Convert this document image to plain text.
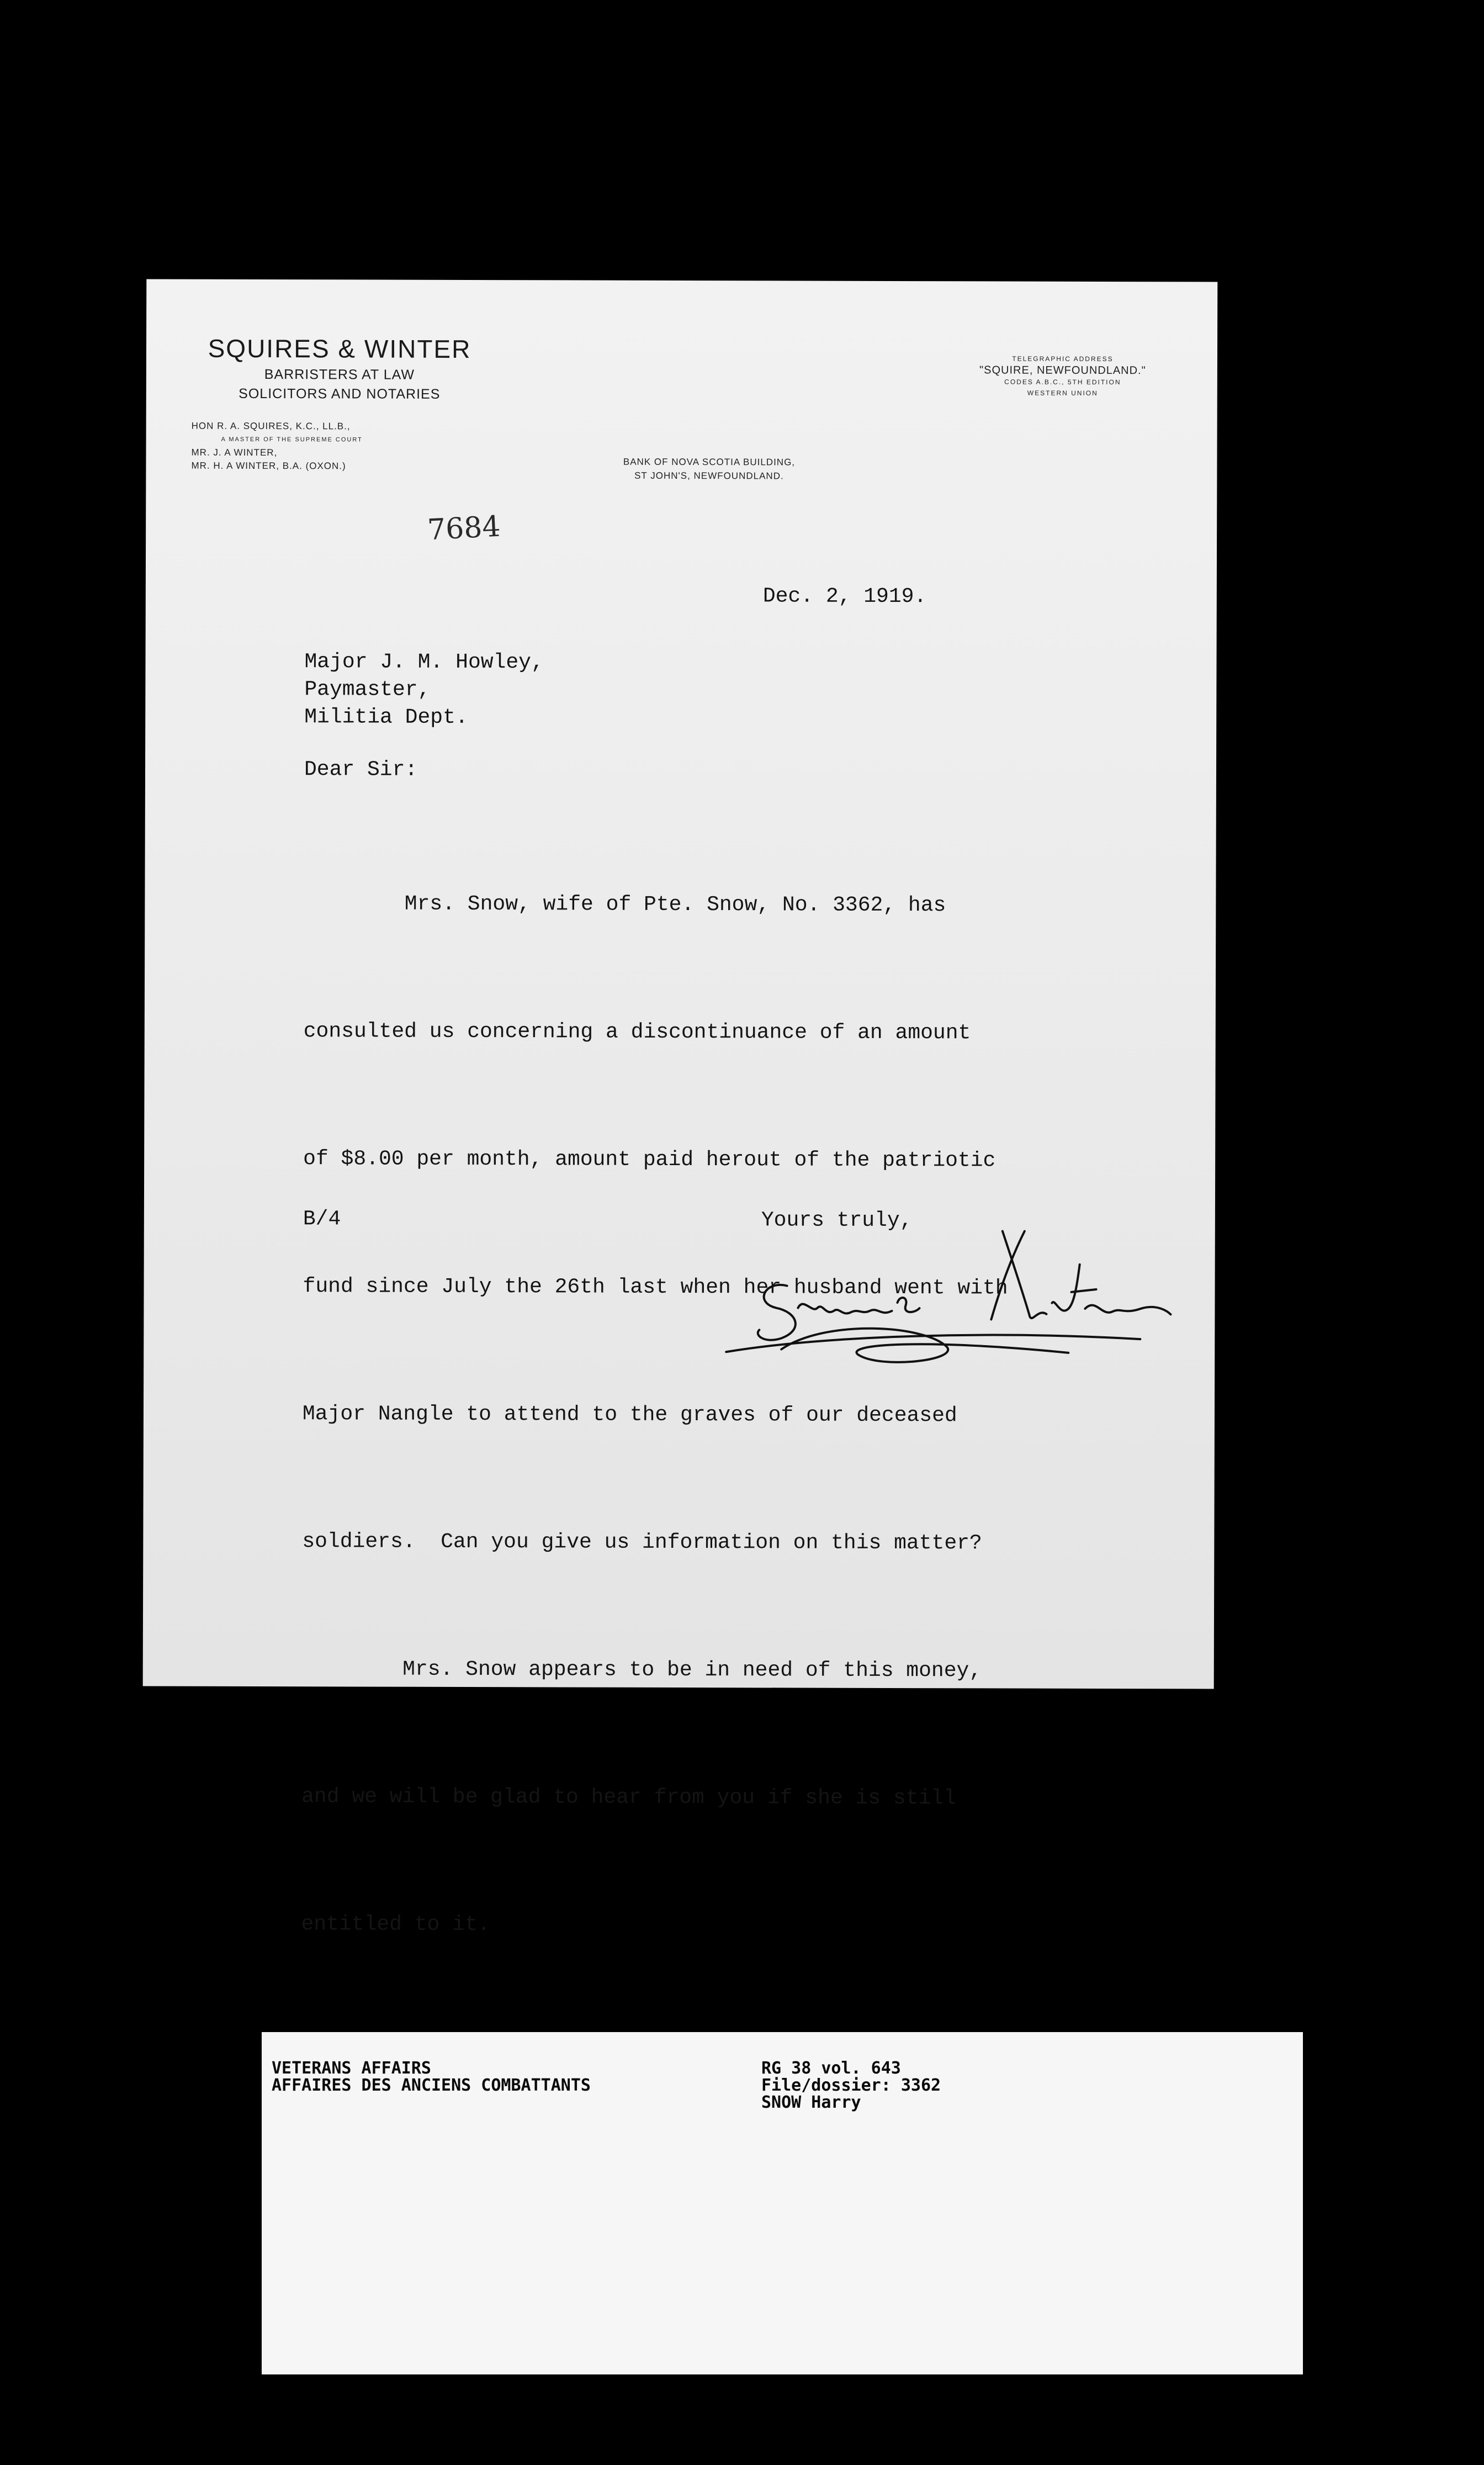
SQUIRES & WINTER
BARRISTERS AT LAW
SOLICITORS AND NOTARIES
HON R. A. SQUIRES, K.C., LL.B.,
A MASTER OF THE SUPREME COURT
MR. J. A WINTER,
MR. H. A WINTER, B.A. (OXON.)	BANK OF NOVA SCOTIA BUILDING,
ST JOHN'S, NEWFOUNDLAND.
TELEGRAPHIC ADDRESS
"SQUIRE, NEWFOUNDLAND."
CODES A.B.C., 5TH EDITION
WESTERN UNION
7684
Dec. 2, 1919.
Major J. M. Howley,
Paymaster,
Militia Dept.
Dear Sir:

Mrs. Snow, wife of Pte. Snow, No. 3362, has

consulted us concerning a discontinuance of an amount

of $8.00 per month, amount paid herout of the patriotic

fund since July the 26th last when her husband went with

Major Nangle to attend to the graves of our deceased

soldiers.  Can you give us information on this matter?

Mrs. Snow appears to be in need of this money,

and we will be glad to hear from you if she is still

entitled to it.

B/4	Yours truly,
VETERANS AFFAIRS
AFFAIRES DES ANCIENS COMBATTANTS
RG 38 vol. 643
File/dossier: 3362
SNOW Harry
